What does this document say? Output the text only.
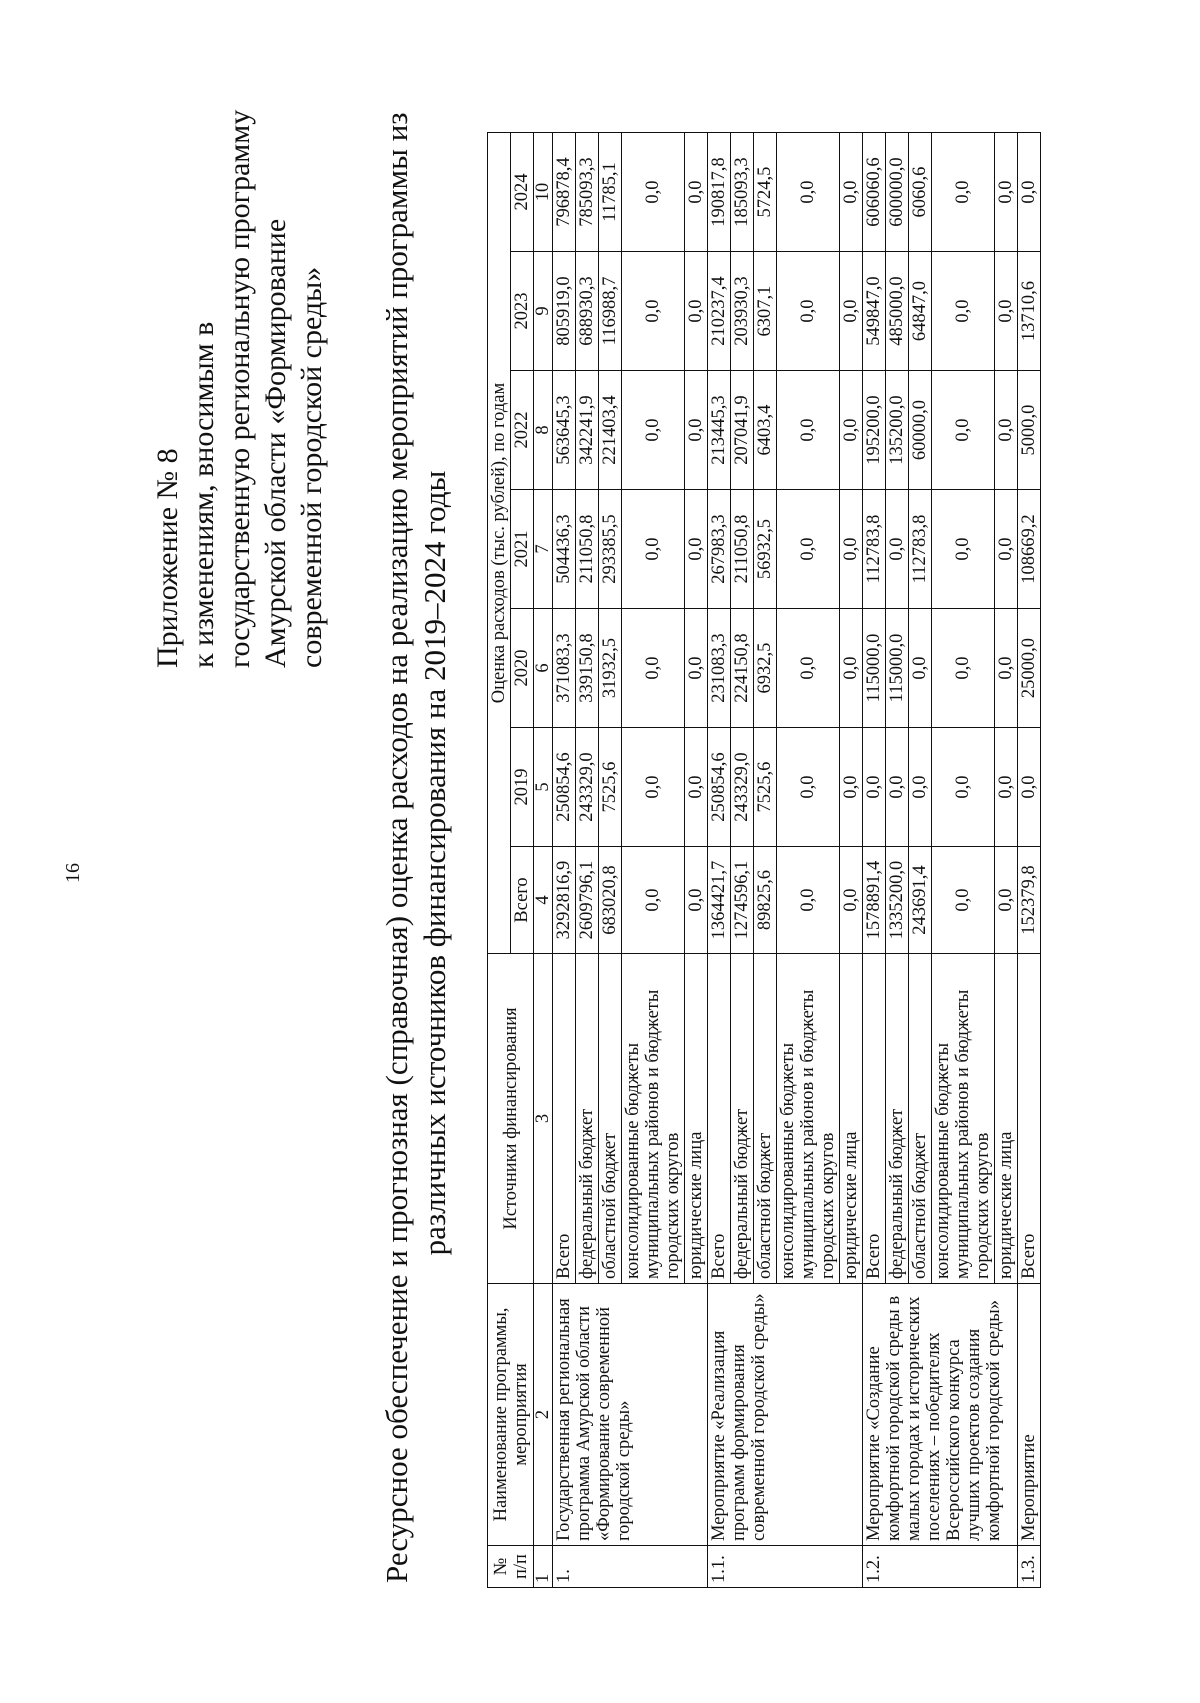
16
Приложение № 8 к изменениям, вносимым в государственную региональную программу Амурской области «Формирование современной городской среды» Ресурсное обеспечение и прогнозная (справочная) оценка расходов на реализацию мероприятий программы из различных источников финансирования на 2019–2024 годы
№ п/п	Наименование программы, мероприятия	Источники финансирования	Оценка расходов (тыс. рублей), по годам						
			Всего	2019	2020	2021	2022	2023	2024
1	2	3	4	5	6	7	8	9	10
1.	Государственная региональная программа Амурской области «Формирование современной городской среды»	Всего	3292816,9	250854,6	371083,3	504436,3	563645,3	805919,0	796878,4
		федеральный бюджет	2609796,1	243329,0	339150,8	211050,8	342241,9	688930,3	785093,3
		областной бюджет	683020,8	7525,6	31932,5	293385,5	221403,4	116988,7	11785,1
		консолидированные бюджеты муниципальных районов и бюджеты городских округов	0,0	0,0	0,0	0,0	0,0	0,0	0,0
		юридические лица	0,0	0,0	0,0	0,0	0,0	0,0	0,0
1.1.	Мероприятие «Реализация программ формирования современной городской среды»	Всего	1364421,7	250854,6	231083,3	267983,3	213445,3	210237,4	190817,8
		федеральный бюджет	1274596,1	243329,0	224150,8	211050,8	207041,9	203930,3	185093,3
		областной бюджет	89825,6	7525,6	6932,5	56932,5	6403,4	6307,1	5724,5
		консолидированные бюджеты муниципальных районов и бюджеты городских округов	0,0	0,0	0,0	0,0	0,0	0,0	0,0
		юридические лица	0,0	0,0	0,0	0,0	0,0	0,0	0,0
1.2.	Мероприятие «Создание комфортной городской среды в малых городах и исторических поселениях – победителях Всероссийского конкурса лучших проектов создания комфортной городской среды»	Всего	1578891,4	0,0	115000,0	112783,8	195200,0	549847,0	606060,6
		федеральный бюджет	1335200,0	0,0	115000,0	0,0	135200,0	485000,0	600000,0
		областной бюджет	243691,4	0,0	0,0	112783,8	60000,0	64847,0	6060,6
		консолидированные бюджеты муниципальных районов и бюджеты городских округов	0,0	0,0	0,0	0,0	0,0	0,0	0,0
		юридические лица	0,0	0,0	0,0	0,0	0,0	0,0	0,0
1.3.	Мероприятие	Всего	152379,8	0,0	25000,0	108669,2	5000,0	13710,6	0,0
